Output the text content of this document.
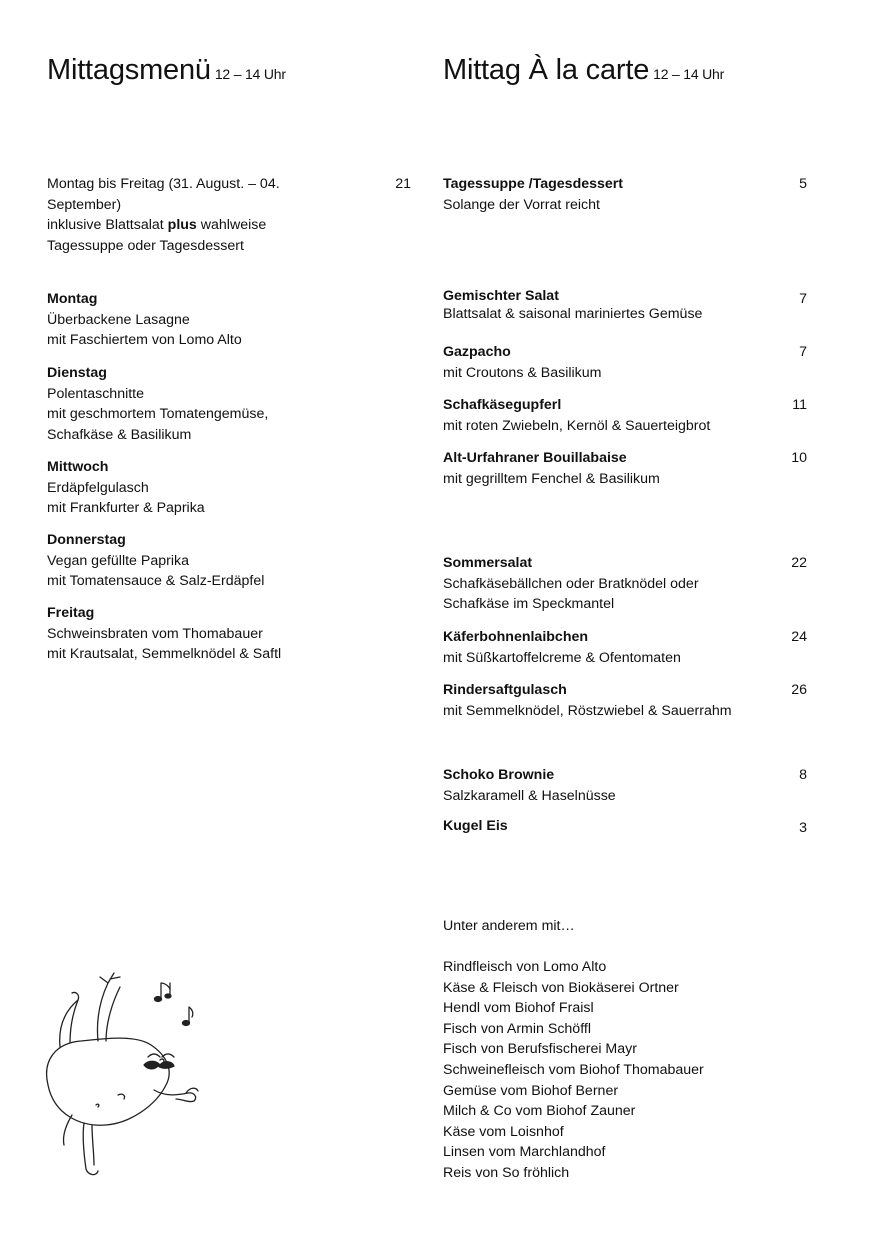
Mittagsmenü 12 – 14 Uhr	Mittag À la carte 12 – 14 Uhr
Montag bis Freitag (31. August. – 04.
September)
inklusive Blattsalat plus wahlweise
Tagessuppe oder Tagesdessert
21
Montag
Überbackene Lasagne
mit Faschiertem von Lomo Alto
Dienstag
Polentaschnitte
mit geschmortem Tomatengemüse,
Schafkäse & Basilikum
Mittwoch
Erdäpfelgulasch
mit Frankfurter & Paprika
Donnerstag
Vegan gefüllte Paprika
mit Tomatensauce & Salz-Erdäpfel
Freitag
Schweinsbraten vom Thomabauer
mit Krautsalat, Semmelknödel & Saftl
Tagessuppe /Tagesdessert
Solange der Vorrat reicht
5
Gemischter Salat
Blattsalat & saisonal mariniertes Gemüse
7
Gazpacho
mit Croutons & Basilikum
7
Schafkäsegupferl
mit roten Zwiebeln, Kernöl & Sauerteigbrot
11
Alt-Urfahraner Bouillabaise
mit gegrilltem Fenchel & Basilikum
10
Sommersalat
Schafkäsebällchen oder Bratknödel oder
Schafkäse im Speckmantel
22
Käferbohnenlaibchen
mit Süßkartoffelcreme & Ofentomaten
24
Rindersaftgulasch
mit Semmelknödel, Röstzwiebel & Sauerrahm
26
Schoko Brownie
Salzkaramell & Haselnüsse
8
Kugel Eis	3
Unter anderem mit…
Rindfleisch von Lomo Alto
Käse & Fleisch von Biokäserei Ortner
Hendl vom Biohof Fraisl
Fisch von Armin Schöffl
Fisch von Berufsfischerei Mayr
Schweinefleisch vom Biohof Thomabauer
Gemüse vom Biohof Berner
Milch & Co vom Biohof Zauner
Käse vom Loisnhof
Linsen vom Marchlandhof
Reis von So fröhlich
